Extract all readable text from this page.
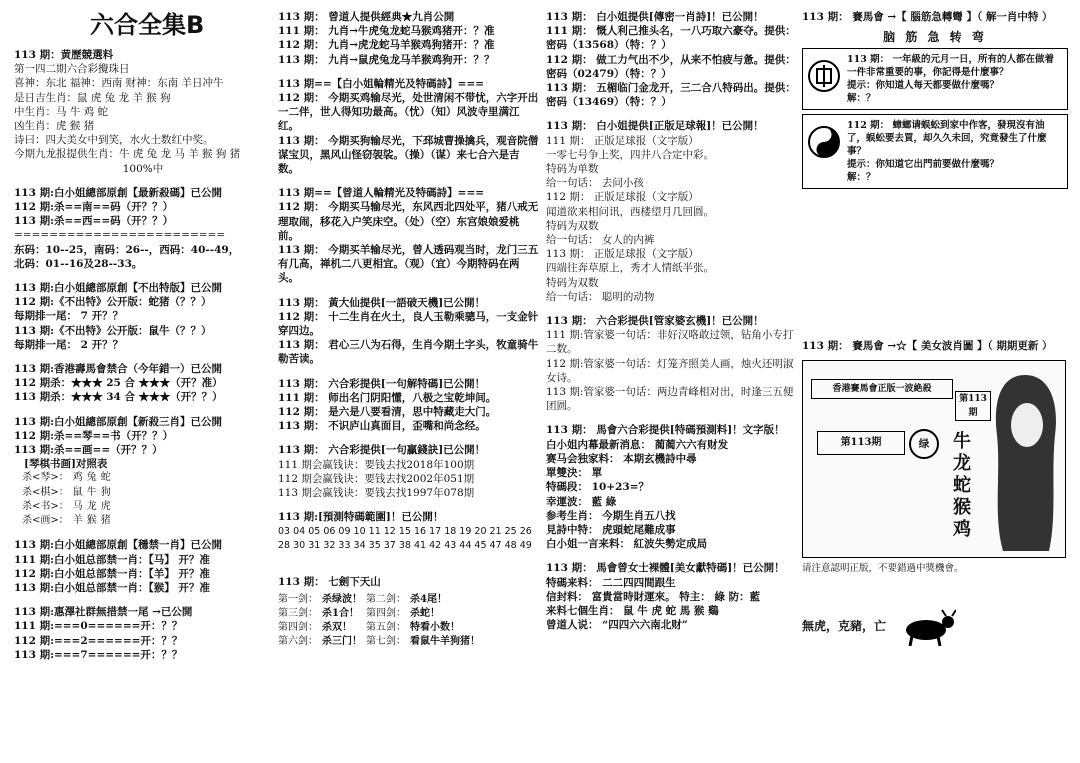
六合全集B
113 期：黄歷競選料
第一四二期六合彩攪珠日
喜神：东北 福神：西南 财神：东南 羊日冲牛
是日吉生肖：鼠 虎 兔 龙 羊 猴 狗
中生肖：马 牛 鸡 蛇
凶生肖：虎 猴 猪
诗曰：四大美女中到笑，水火土数红中奖。
今期九龙报提供生肖：牛 虎 兔 龙 马 羊 猴 狗 猪
100%中
113 期:白小姐總部原創【最新殺碼】已公開
112 期:杀==南==码（开？？）
113 期:杀==西==码（开？？）
========================
东码：10--25，南码：26--，西码：40--49，
北码：01--16及28--33。
113 期:白小姐總部原創【不出特版】已公開
112 期:《不出特》公开版：蛇猪（？？）
每期排一尾： 7 开？？
113 期:《不出特》公开版：鼠牛（？？）
每期排一尾： 2 开？？
113 期:香港壽馬會禁合（今年錯一）已公開
112 期杀：★★★ 25 合 ★★★（开？准）
113 期杀：★★★ 34 合 ★★★（开？？）
113 期:白小姐總部原創【新殺三肖】已公開
112 期:杀==琴==书（开？？）
113 期:杀==画==（开？？）
[琴棋书画]对照表
杀<琴>：	鸡	兔	蛇
杀<棋>：	鼠	牛	狗
杀<书>：	马	龙	虎
杀<画>：	羊	猴	猪
113 期:白小姐總部原創【穩禁一肖】已公開
111 期:白小姐总部禁一肖：【马】 开？准
112 期:白小姐总部禁一肖：【羊】 开？准
113 期:白小姐总部禁一肖：【猴】 开？准
113 期:惠澤社群無措禁一尾 →已公開
111 期:===0======开：？？
112 期:===2======开：？？
113 期:===7======开：？？
113 期： 曾道人提供經典★九肖公開
111 期： 九肖→牛虎兔龙蛇马猴鸡猪开：？准
112 期： 九肖→虎龙蛇马羊猴鸡狗猪开：？准
113 期： 九肖→鼠虎兔龙马羊猴鸡狗开：？？
113 期==【白小姐輪精光及特碼詩】===
112 期： 今期买鸡输尽光，处世清闲不带忧，六字开出一二伴，世人得知功最高。（忧）（知）风波寺里满江红。
113 期： 今期买狗输尽光，下邳城曹操擒兵，观音院僧谋宝贝，黑风山怪窃袈裟。（操）（谋）来七合六是吉数。
113 期==【曾道人輪精光及特碼詩】===
112 期： 今期买马输尽光，东风西北四处平，猪八戒无理取闹，移花入户笑床空。（处）（空）东宫娘娘爱桃前。
113 期： 今期买羊输尽光，曾人透码观当时，龙门三五有几高，禅机二八更相宜。（观）（宜）今期特码在两头。
113 期： 黃大仙提供[一語破天機]已公開！
112 期： 十二生肖在火土，良人玉勒乘骢马，一支金针穿四边。
113 期： 君心三八为石得，生肖今期土字头，牧童骑牛勒苦读。
113 期： 六合彩提供[一句解特碼]已公開！
111 期： 师出名门阴阳懂，八极之宝乾坤间。
112 期： 是六是八要看清，思中特藏走大门。
113 期： 不识庐山真面目，歪嘴和尚念经。
113 期： 六合彩提供[一句贏錢訣]已公開！
111 期会赢钱诀：要钱去找2018年100期
112 期会赢钱诀：要钱去找2002年051期
113 期会赢钱诀：要钱去找1997年078期
113 期:[預測特碼範圍]！已公開！
03 04 05 06 09 10 11 12 15 16 17 18 19 20 21 25 26 28 30 31 32 33 34 35 37 38 41 42 43 44 45 47 48 49
113 期： 七劍下天山
第一剑：	杀绿波！	第二剑：	杀4尾！
第三剑：	杀1合！	第四剑：	杀蛇！
第四剑：	杀双！	第五剑：	特看小数！
第六剑：	杀三门！	第七剑：	看鼠牛羊狗猪！
113 期： 白小姐提供[傳密一肖詩]！已公開！
111 期： 慨人利己推头名，一八巧取六豪夺。提供：密码（13568）（特：？）
112 期： 做工力气出不少，从来不怕疲与惫。提供：密码（02479）（特：？）
113 期： 五楣临门金龙开，三二合八特码出。提供：密码（13469）（特：？）
113 期： 白小姐提供[正版足球報]！已公開！
111 期： 正版足球报（文字版）
一零七号争上奖，四井八合定中彩。
特码为单数
给一句话： 去问小孩
112 期： 正版足球报（文字版）
闻道欲来相问讯，西楼望月几回圆。
特码为双数
给一句话： 女人的内裤
113 期： 正版足球报（文字版）
四端往奔草原上，秀才人情纸半张。
特码为双数
给一句话： 聪明的动物
113 期： 六合彩提供[管家婆玄機]！已公開！
111 期:管家婆一句话：非好汉咯敢过领，钻角小专打二数。
112 期:管家婆一句话：灯笼齐照美人画，烛火还明淑女诗。
113 期:管家婆一句话：两边青峰相对出，时逢三五便团圆。
113 期： 馬會六合彩提供[特碼預測料]！文字版！
白小姐内幕最新消息： 蔺蔺六六有财发
赛马会独家料： 本期玄機詩中尋
單雙決： 單
特碼段： 10+23=？
幸運波： 藍 綠
参考生肖： 今期生肖五八找
見詩中特： 虎頭蛇尾難成事
白小姐一言来料： 紅波失勢定成局
113 期： 馬會曾女士裸體[美女獻特碼]！已公開！
特碼来料： 二二四四間跟生
信封料： 富貴當時財運來。 特主： 綠 防：藍
来料七個生肖： 鼠 牛 虎 蛇 馬 猴 鷄
曾道人说： “四四六六南北财”
113 期： 賽馬會 →【 腦筋急轉彎 】（ 解一肖中特 ）
脑 筋 急 转 弯
113 期： 一年級的元月一日，所有的人都在做着一件非常重要的事，你記得是什麼事？
提示：你知道人每天都要做什麼嗎？
解：？
112 期： 蟑螂请蜈蚣到家中作客，發現沒有油了，蜈蚣要去買，却久久未回，究竟發生了什麼事？
提示：你知道它出門前要做什麼嗎？
解：？
113 期： 賽馬會 →☆【 美女波肖圖 】（ 期期更新 ）
香港賽馬會正版一波絶殺
第113期	绿
第113期
牛 龙 蛇 猴 鸡
请注意認明正版，不要錯過中獎機會。
無虎，克豬，亡
